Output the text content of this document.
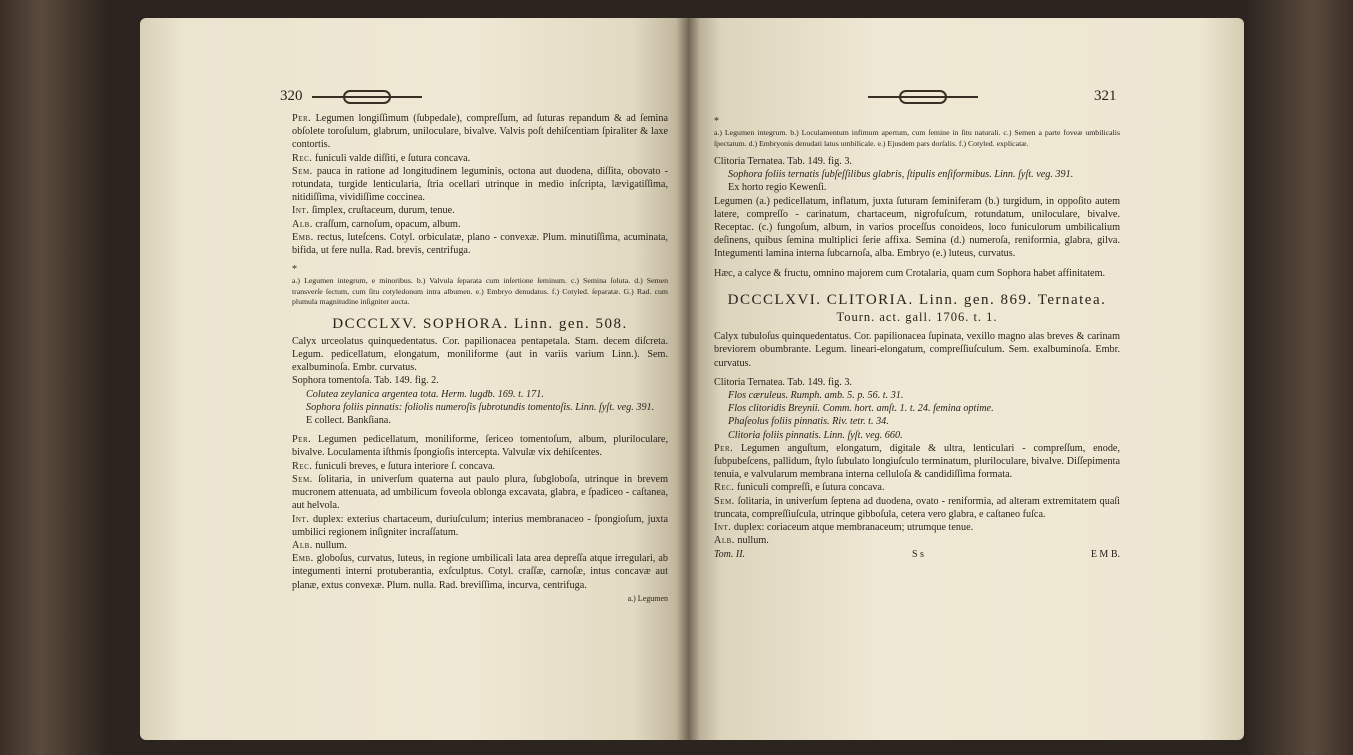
320

Per. Legumen longiſſimum (ſubpedale), compreſſum, ad ſuturas repandum & ad ſemina obſolete toroſulum, glabrum, uniloculare, bivalve. Valvis poſt dehiſcentiam ſpiraliter & laxe contortis.

Rec. funiculi valde diſſiti, e ſutura concava.

Sem. pauca in ratione ad longitudinem leguminis, octona aut duodena, diſſita, obovato - rotundata, turgide lenticularia, ſtria ocellari utrinque in medio inſcripta, lævigatiſſima, nitidiſſima, vividiſſime coccinea.

Int. ſimplex, cruſtaceum, durum, tenue.

Alb. craſſum, carnoſum, opacum, album.

Emb. rectus, luteſcens. Cotyl. orbiculatæ, plano - convexæ. Plum. minutiſſima, acuminata, bifida, ut fere nulla. Rad. brevis, centrifuga.

*

a.) Legumen integrum, e minoribus. b.) Valvula ſeparata cum inſertione ſeminum. c.) Semina ſoluta. d.) Semen transverſe ſectum, cum ſitu cotyledonum intra albumen. e.) Embryo denudatus. f.) Cotyled. ſeparatæ. G.) Rad. cum plumula magnitudine inſigniter aucta.

DCCCLXV. SOPHORA. Linn. gen. 508.

Calyx urceolatus quinquedentatus. Cor. papilionacea pentapetala. Stam. decem diſcreta. Legum. pedicellatum, elongatum, moniliforme (aut in variis varium Linn.). Sem. exalbuminoſa. Embr. curvatus.

Sophora tomentoſa. Tab. 149. fig. 2.

Colutea zeylanica argentea tota. Herm. lugdb. 169. t. 171.

Sophora foliis pinnatis: foliolis numeroſis ſubrotundis tomentoſis. Linn. ſyſt. veg. 391.

E collect. Bankſiana.

Per. Legumen pedicellatum, moniliforme, ſericeo tomentoſum, album, pluriloculare, bivalve. Loculamenta iſthmis ſpongioſis intercepta. Valvulæ vix dehiſcentes.

Rec. funiculi breves, e ſutura interiore ſ. concava.

Sem. ſolitaria, in univerſum quaterna aut paulo plura, ſubgloboſa, utrinque in brevem mucronem attenuata, ad umbilicum foveola oblonga excavata, glabra, e ſpadiceo - caſtanea, aut helvola.

Int. duplex: exterius chartaceum, duriuſculum; interius membranaceo - ſpongioſum, juxta umbilici regionem inſigniter incraſſatum.

Alb. nullum.

Emb. globoſus, curvatus, luteus, in regione umbilicali lata area depreſſa atque irregulari, ab integumenti interni protuberantia, exſculptus. Cotyl. craſſæ, carnoſæ, intus concavæ aut planæ, extus convexæ. Plum. nulla. Rad. breviſſima, incurva, centrifuga.

a.) Legumen

321

*

a.) Legumen integrum. b.) Loculamentum infimum apertum, cum ſemine in ſitu naturali. c.) Semen a parte foveæ umbilicalis ſpectatum. d.) Embryonis denudati latus umbilicale. e.) Ejusdem pars dorſalis. f.) Cotyled. explicatæ.

Clitoria Ternatea. Tab. 149. fig. 3.

Sophora foliis ternatis ſubſeſſilibus glabris, ſtipulis enſiformibus. Linn. ſyſt. veg. 391.

Ex horto regio Kewenſi.

Legumen (a.) pedicellatum, inflatum, juxta ſuturam ſeminiferam (b.) turgidum, in oppoſito autem latere, compreſſo - carinatum, chartaceum, nigrofuſcum, rotundatum, uniloculare, bivalve. Receptac. (c.) fungoſum, album, in varios proceſſus conoideos, loco funiculorum umbilicalium deſinens, quibus ſemina multiplici ſerie affixa. Semina (d.) numeroſa, reniformia, glabra, gilva. Integumenti lamina interna ſubcarnoſa, alba. Embryo (e.) luteus, curvatus.

Hæc, a calyce & fructu, omnino majorem cum Crotalaria, quam cum Sophora habet affinitatem.

DCCCLXVI. CLITORIA. Linn. gen. 869. Ternatea.
Tourn. act. gall. 1706. t. 1.

Calyx tubuloſus quinquedentatus. Cor. papilionacea ſupinata, vexillo magno alas breves & carinam breviorem obumbrante. Legum. lineari-elongatum, compreſſiuſculum. Sem. exalbuminoſa. Embr. curvatus.

Clitoria Ternatea. Tab. 149. fig. 3.

Flos cæruleus. Rumph. amb. 5. p. 56. t. 31.

Flos clitoridis Breynii. Comm. hort. amſt. 1. t. 24. femina optime.

Phaſeolus foliis pinnatis. Riv. tetr. t. 34.

Clitoria foliis pinnatis. Linn. ſyſt. veg. 660.

Per. Legumen anguſtum, elongatum, digitale & ultra, lenticulari - compreſſum, enode, ſubpubeſcens, pallidum, ſtylo ſubulato longiuſculo terminatum, pluriloculare, bivalve. Diſſepimenta tenuia, e valvularum membrana interna celluloſa & candidiſſima formata.

Rec. funiculi compreſſi, e ſutura concava.

Sem. ſolitaria, in univerſum ſeptena ad duodena, ovato - reniformia, ad alteram extremitatem quaſi truncata, compreſſiuſcula, utrinque gibboſula, cetera vero glabra, e caſtaneo fuſca.

Int. duplex: coriaceum atque membranaceum; utrumque tenue.

Alb. nullum.

Tom. II.	S s	E M B.
